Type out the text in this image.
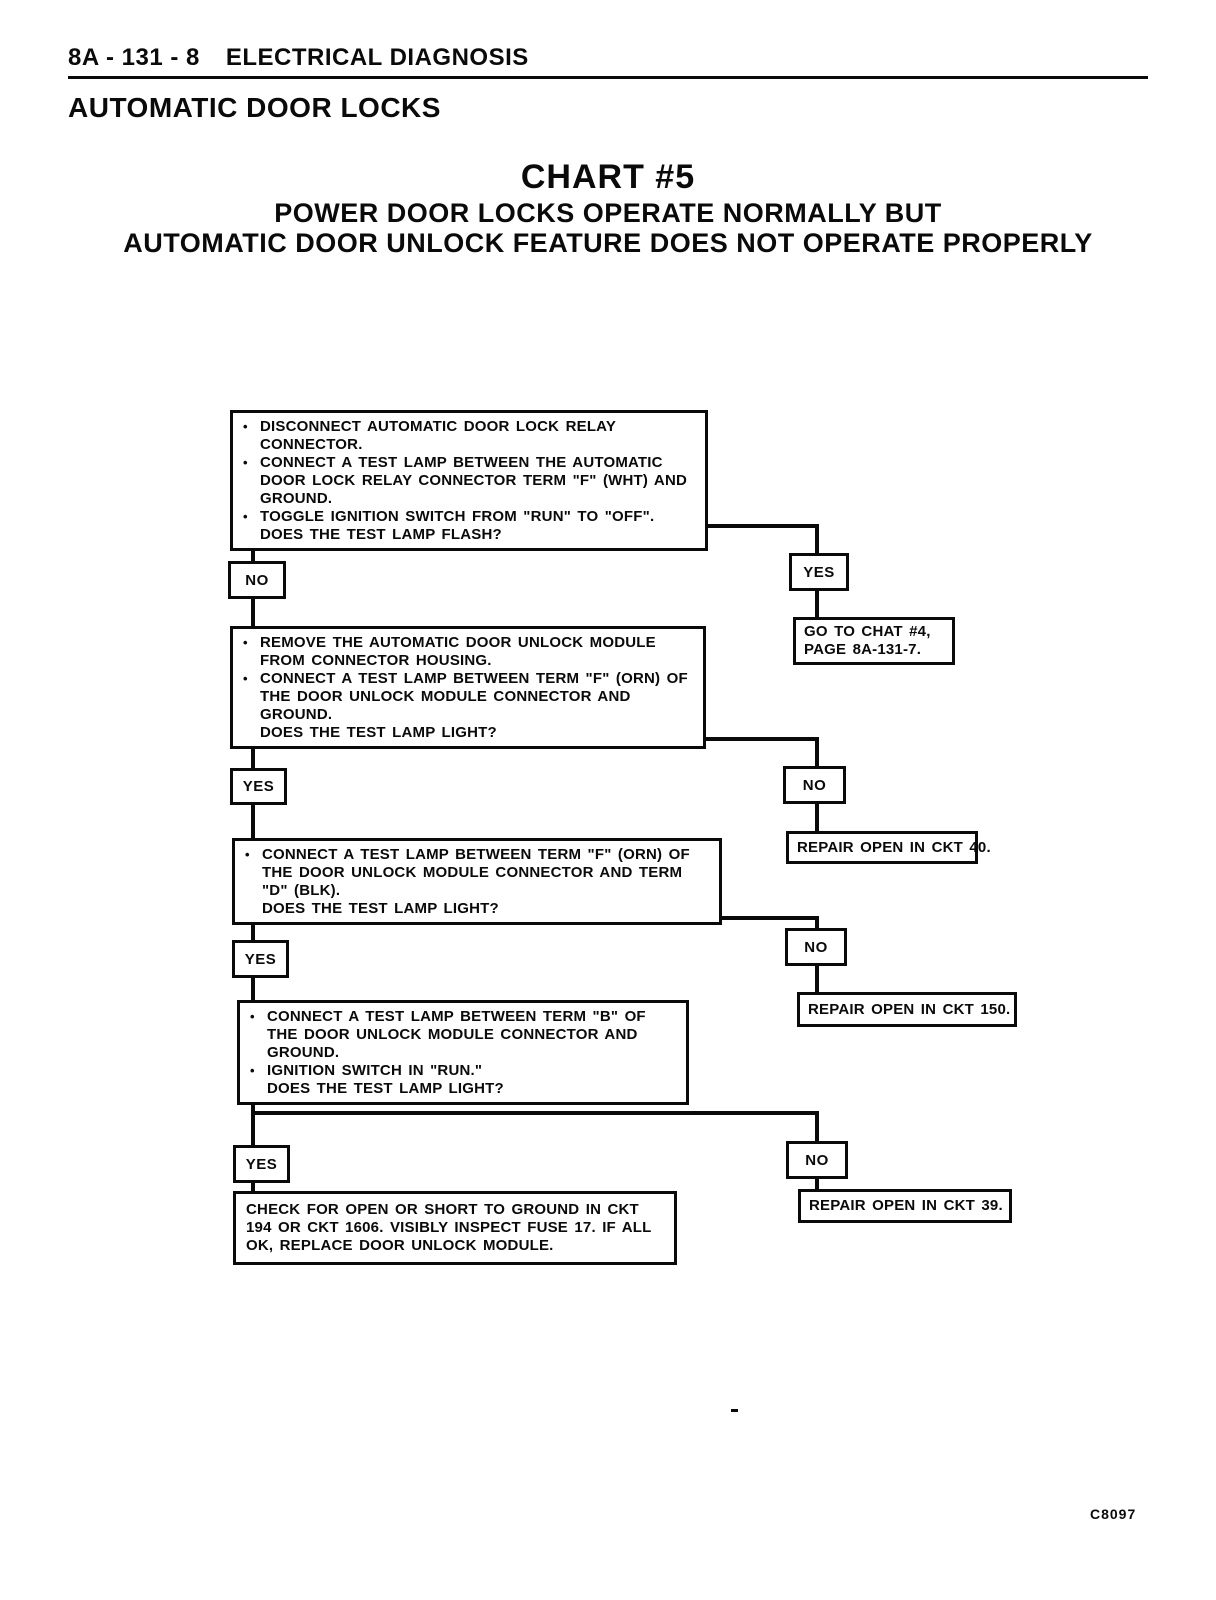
8A - 131 - 8 ELECTRICAL DIAGNOSIS
AUTOMATIC DOOR LOCKS
CHART #5
POWER DOOR LOCKS OPERATE NORMALLY BUT
AUTOMATIC DOOR UNLOCK FEATURE DOES NOT OPERATE PROPERLY
• DISCONNECT AUTOMATIC DOOR LOCK RELAY CONNECTOR.
• CONNECT A TEST LAMP BETWEEN THE AUTOMATIC DOOR LOCK RELAY CONNECTOR TERM "F" (WHT) AND GROUND.
• TOGGLE IGNITION SWITCH FROM "RUN" TO "OFF".
DOES THE TEST LAMP FLASH?
NO	YES
GO TO CHAT #4,
PAGE 8A-131-7.
• REMOVE THE AUTOMATIC DOOR UNLOCK MODULE FROM CONNECTOR HOUSING.
• CONNECT A TEST LAMP BETWEEN TERM "F" (ORN) OF THE DOOR UNLOCK MODULE CONNECTOR AND GROUND.
DOES THE TEST LAMP LIGHT?
YES	NO
REPAIR OPEN IN CKT 40.
• CONNECT A TEST LAMP BETWEEN TERM "F" (ORN) OF THE DOOR UNLOCK MODULE CONNECTOR AND TERM "D" (BLK).
DOES THE TEST LAMP LIGHT?
YES
NO
REPAIR OPEN IN CKT 150.
• CONNECT A TEST LAMP BETWEEN TERM "B" OF THE DOOR UNLOCK MODULE CONNECTOR AND GROUND.
• IGNITION SWITCH IN "RUN."
DOES THE TEST LAMP LIGHT?
YES	NO
REPAIR OPEN IN CKT 39.
CHECK FOR OPEN OR SHORT TO GROUND IN CKT 194 OR CKT 1606. VISIBLY INSPECT FUSE 17. IF ALL OK, REPLACE DOOR UNLOCK MODULE.
C8097
